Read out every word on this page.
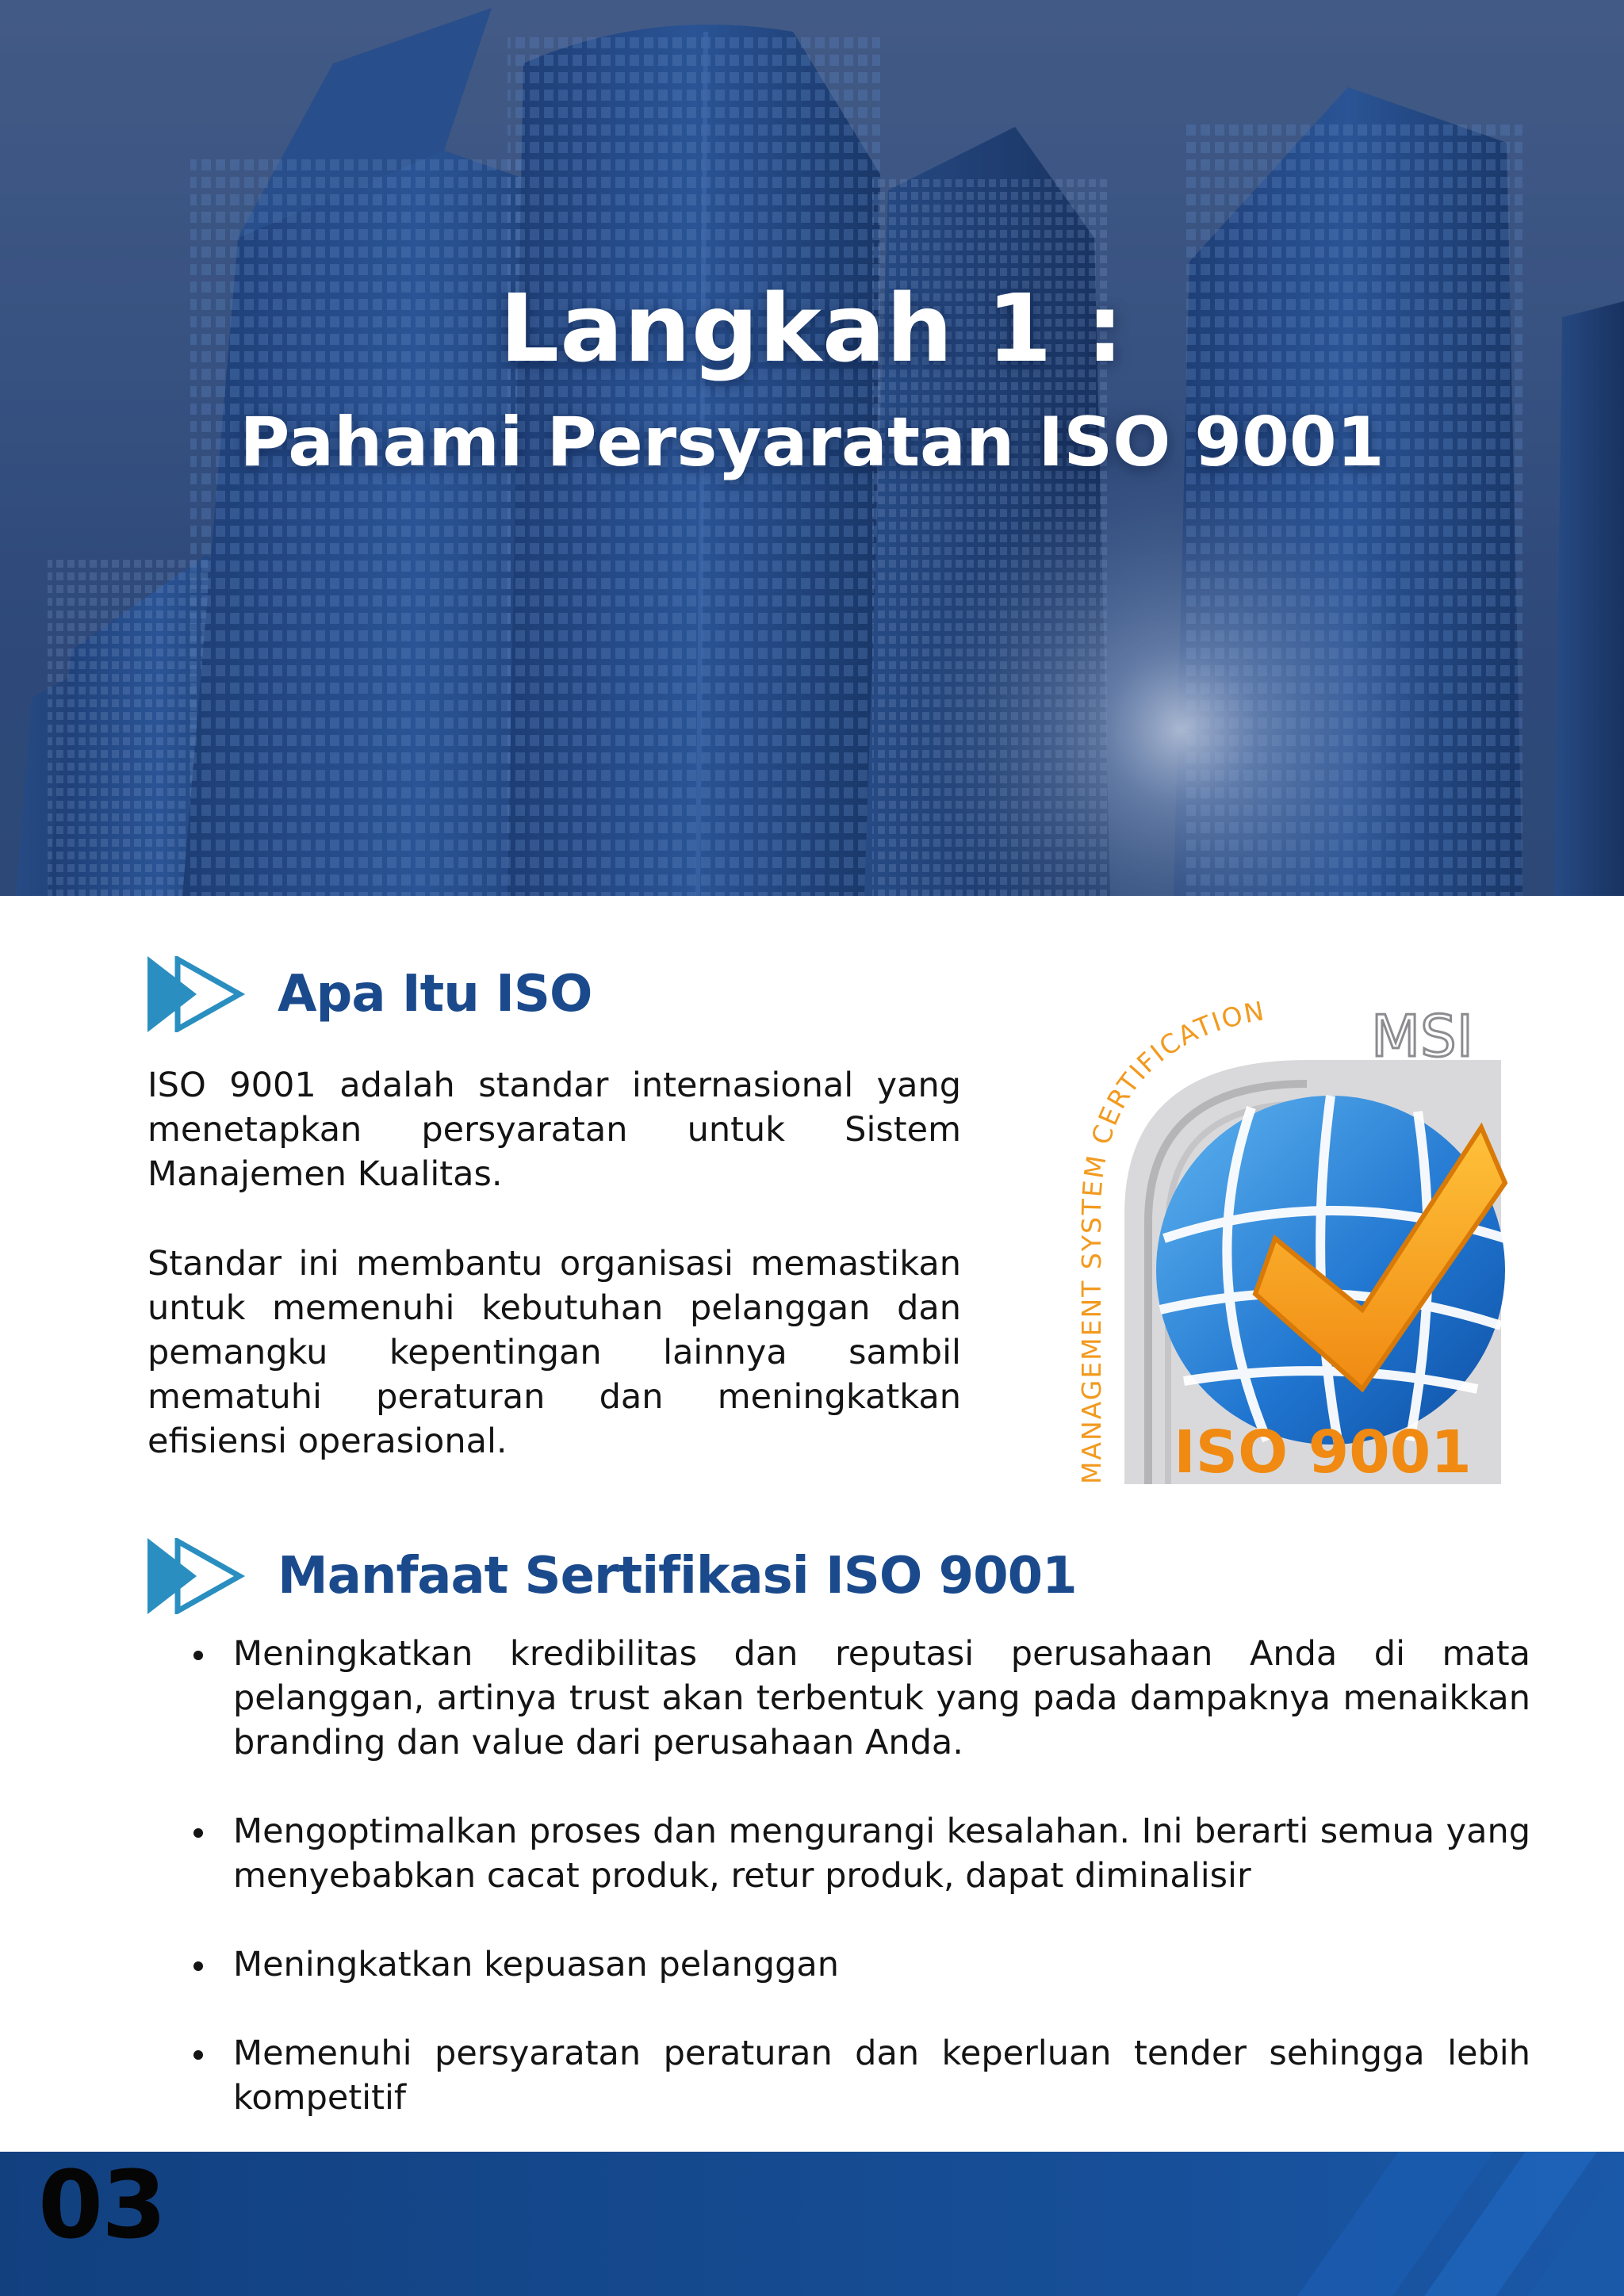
Langkah 1 :
Pahami Persyaratan ISO 9001
Apa Itu ISO

ISO 9001 adalah standar internasional yang menetapkan persyaratan untuk Sistem Manajemen Kualitas.

Standar ini membantu organisasi memastikan untuk memenuhi kebutuhan pelanggan dan pemangku kepentingan lainnya sambil mematuhi peraturan dan meningkatkan efisiensi operasional.

MSI
MANAGEMENT SYSTEM CERTIFICATION
ISO 9001
Manfaat Sertifikasi ISO 9001
Meningkatkan kredibilitas dan reputasi perusahaan Anda di mata pelanggan, artinya trust akan terbentuk yang pada dampaknya menaikkan branding dan value dari perusahaan Anda.
Mengoptimalkan proses dan mengurangi kesalahan. Ini berarti semua yang menyebabkan cacat produk, retur produk, dapat diminalisir
Meningkatkan kepuasan pelanggan
Memenuhi persyaratan peraturan dan keperluan tender sehingga lebih kompetitif
03
